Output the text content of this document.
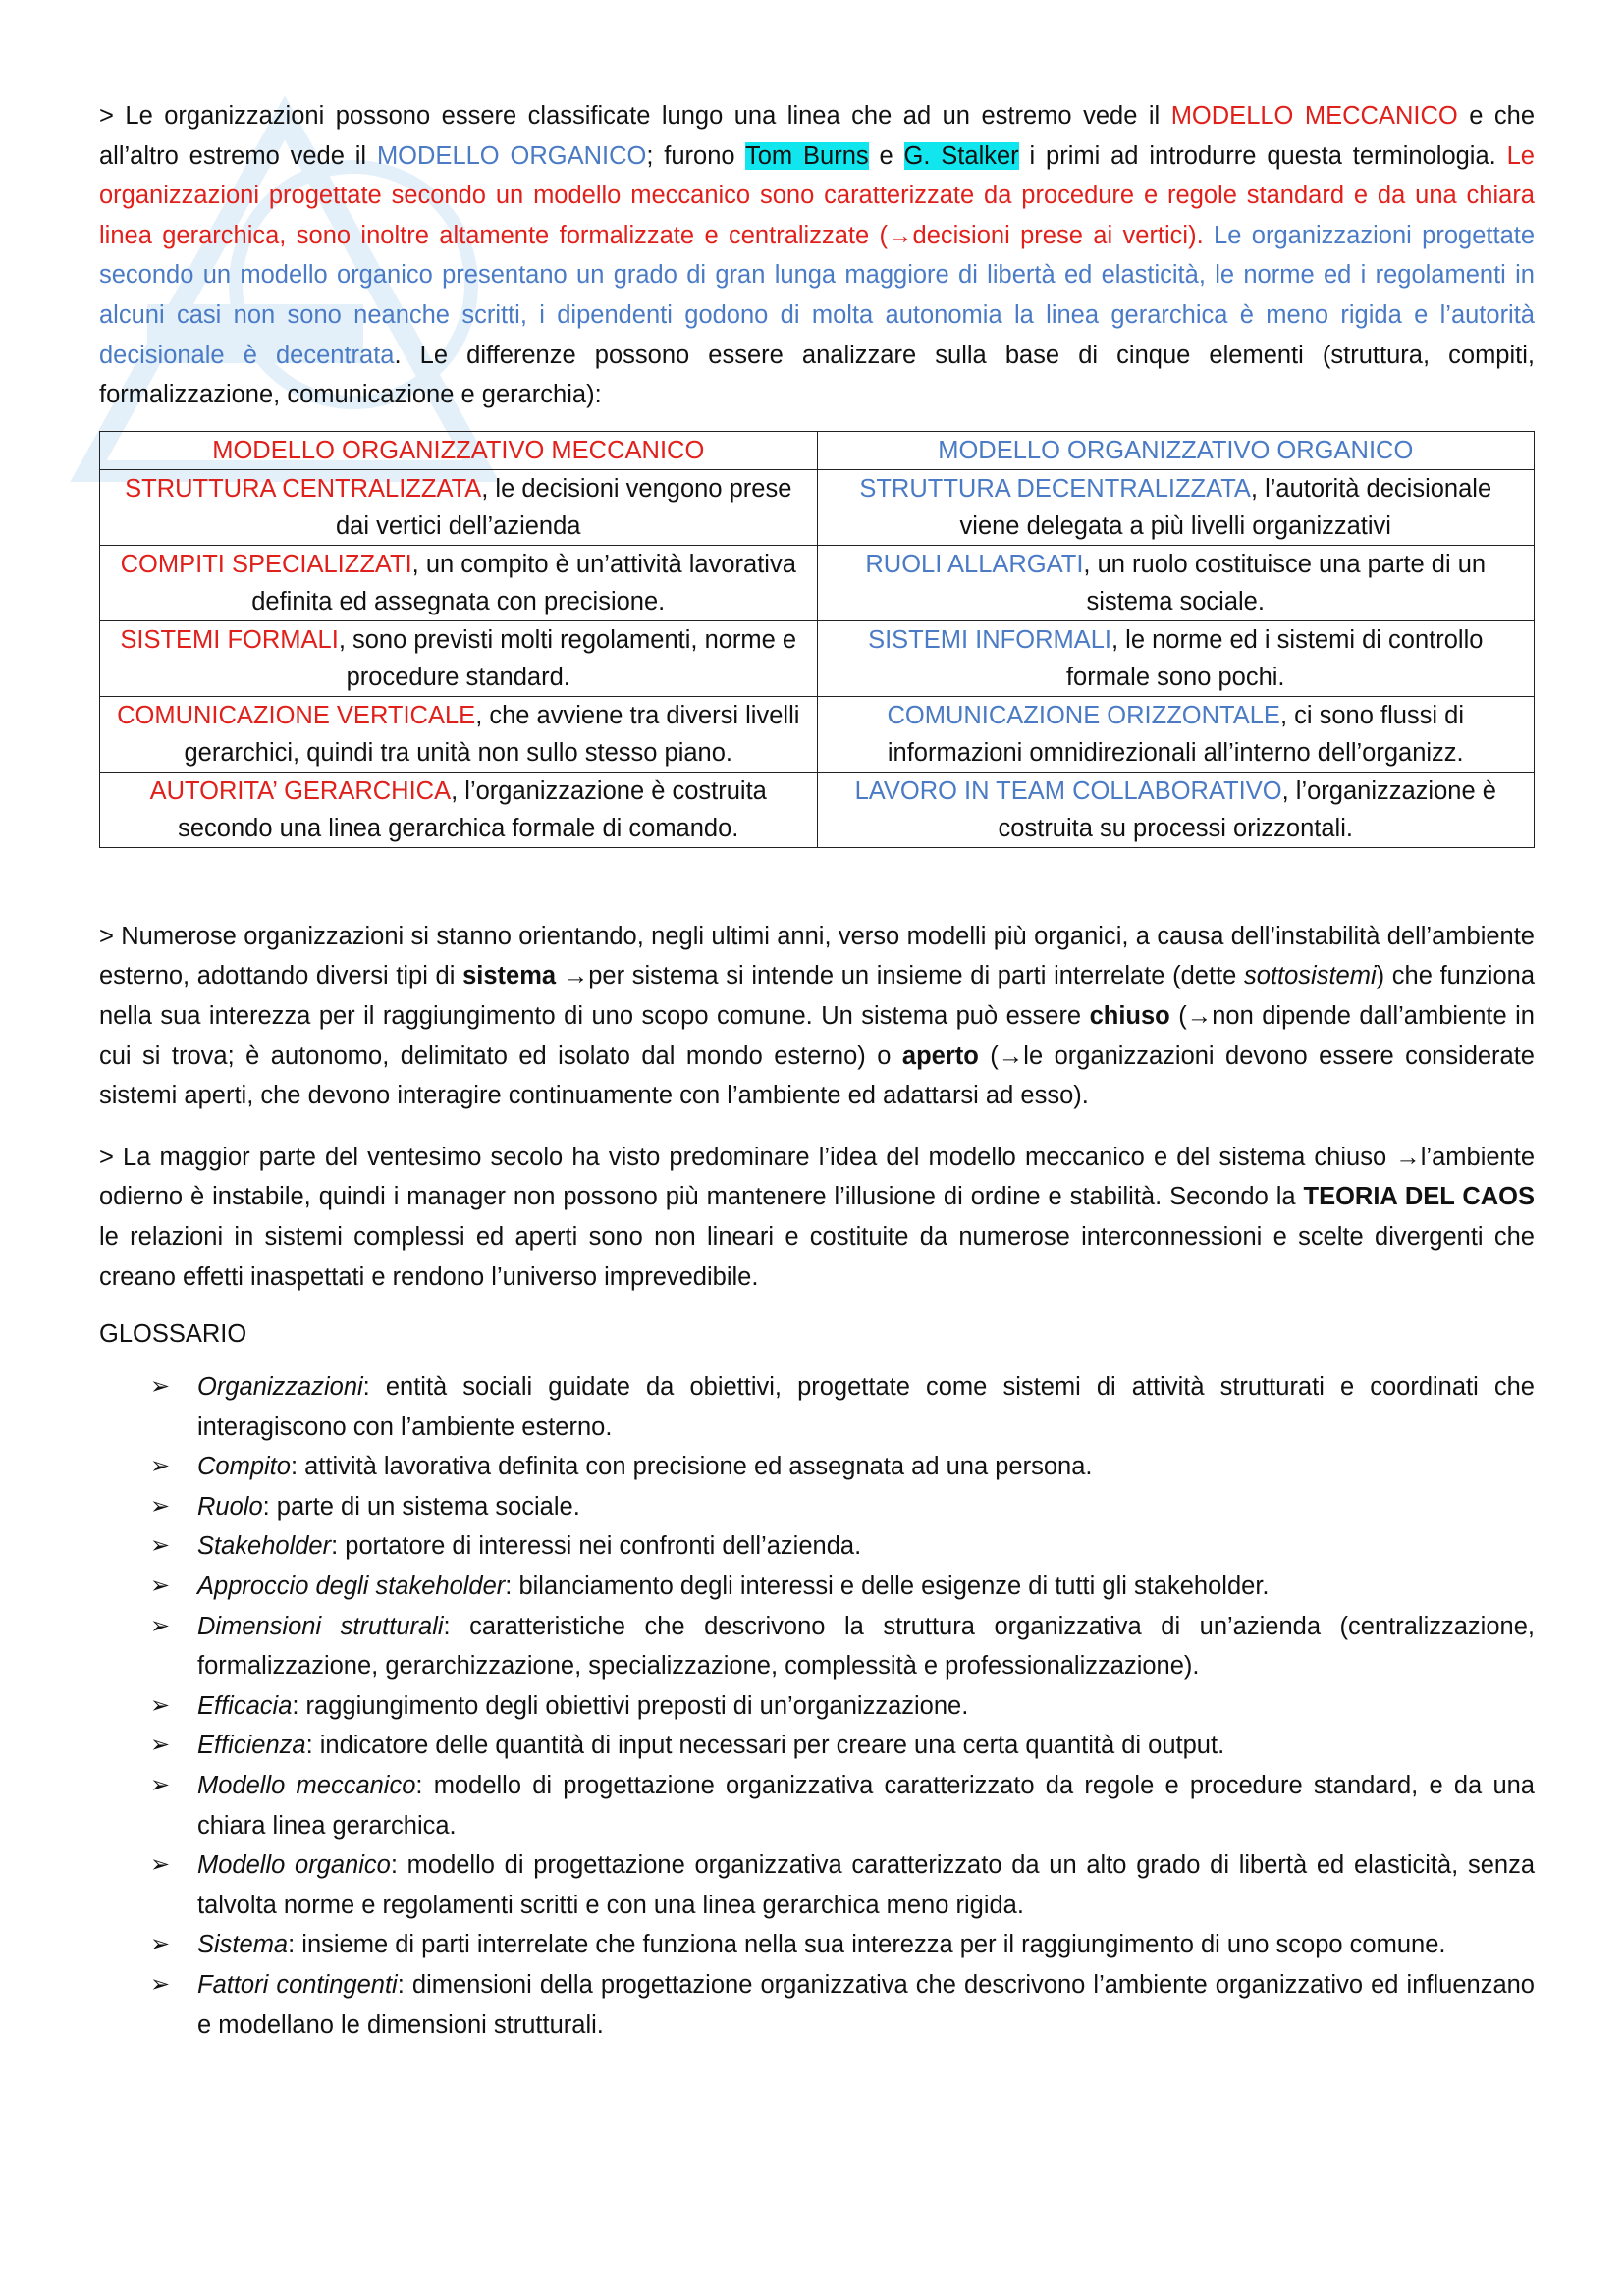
> Le organizzazioni possono essere classificate lungo una linea che ad un estremo vede il MODELLO MECCANICO e che all’altro estremo vede il MODELLO ORGANICO; furono Tom Burns e G. Stalker i primi ad introdurre questa terminologia. Le organizzazioni progettate secondo un modello meccanico sono caratterizzate da procedure e regole standard e da una chiara linea gerarchica, sono inoltre altamente formalizzate e centralizzate (→decisioni prese ai vertici). Le organizzazioni progettate secondo un modello organico presentano un grado di gran lunga maggiore di libertà ed elasticità, le norme ed i regolamenti in alcuni casi non sono neanche scritti, i dipendenti godono di molta autonomia la linea gerarchica è meno rigida e l’autorità decisionale è decentrata. Le differenze possono essere analizzare sulla base di cinque elementi (struttura, compiti, formalizzazione, comunicazione e gerarchia):

MODELLO ORGANIZZATIVO MECCANICO	MODELLO ORGANIZZATIVO ORGANICO
STRUTTURA CENTRALIZZATA, le decisioni vengono prese dai vertici dell’azienda	STRUTTURA DECENTRALIZZATA, l’autorità decisionale viene delegata a più livelli organizzativi
COMPITI SPECIALIZZATI, un compito è un’attività lavorativa definita ed assegnata con precisione.	RUOLI ALLARGATI, un ruolo costituisce una parte di un sistema sociale.
SISTEMI FORMALI, sono previsti molti regolamenti, norme e procedure standard.	SISTEMI INFORMALI, le norme ed i sistemi di controllo formale sono pochi.
COMUNICAZIONE VERTICALE, che avviene tra diversi livelli gerarchici, quindi tra unità non sullo stesso piano.	COMUNICAZIONE ORIZZONTALE, ci sono flussi di informazioni omnidirezionali all’interno dell’organizz.
AUTORITA’ GERARCHICA, l’organizzazione è costruita secondo una linea gerarchica formale di comando.	LAVORO IN TEAM COLLABORATIVO, l’organizzazione è costruita su processi orizzontali.

> Numerose organizzazioni si stanno orientando, negli ultimi anni, verso modelli più organici, a causa dell’instabilità dell’ambiente esterno, adottando diversi tipi di sistema →per sistema si intende un insieme di parti interrelate (dette sottosistemi) che funziona nella sua interezza per il raggiungimento di uno scopo comune. Un sistema può essere chiuso (→non dipende dall’ambiente in cui si trova; è autonomo, delimitato ed isolato dal mondo esterno) o aperto (→le organizzazioni devono essere considerate sistemi aperti, che devono interagire continuamente con l’ambiente ed adattarsi ad esso).

> La maggior parte del ventesimo secolo ha visto predominare l’idea del modello meccanico e del sistema chiuso →l’ambiente odierno è instabile, quindi i manager non possono più mantenere l’illusione di ordine e stabilità. Secondo la TEORIA DEL CAOS le relazioni in sistemi complessi ed aperti sono non lineari e costituite da numerose interconnessioni e scelte divergenti che creano effetti inaspettati e rendono l’universo imprevedibile.

GLOSSARIO

➢ Organizzazioni: entità sociali guidate da obiettivi, progettate come sistemi di attività strutturati e coordinati che interagiscono con l’ambiente esterno.
➢ Compito: attività lavorativa definita con precisione ed assegnata ad una persona.
➢ Ruolo: parte di un sistema sociale.
➢ Stakeholder: portatore di interessi nei confronti dell’azienda.
➢ Approccio degli stakeholder: bilanciamento degli interessi e delle esigenze di tutti gli stakeholder.
➢ Dimensioni strutturali: caratteristiche che descrivono la struttura organizzativa di un’azienda (centralizzazione, formalizzazione, gerarchizzazione, specializzazione, complessità e professionalizzazione).
➢ Efficacia: raggiungimento degli obiettivi preposti di un’organizzazione.
➢ Efficienza: indicatore delle quantità di input necessari per creare una certa quantità di output.
➢ Modello meccanico: modello di progettazione organizzativa caratterizzato da regole e procedure standard, e da una chiara linea gerarchica.
➢ Modello organico: modello di progettazione organizzativa caratterizzato da un alto grado di libertà ed elasticità, senza talvolta norme e regolamenti scritti e con una linea gerarchica meno rigida.
➢ Sistema: insieme di parti interrelate che funziona nella sua interezza per il raggiungimento di uno scopo comune.
➢ Fattori contingenti: dimensioni della progettazione organizzativa che descrivono l’ambiente organizzativo ed influenzano e modellano le dimensioni strutturali.
